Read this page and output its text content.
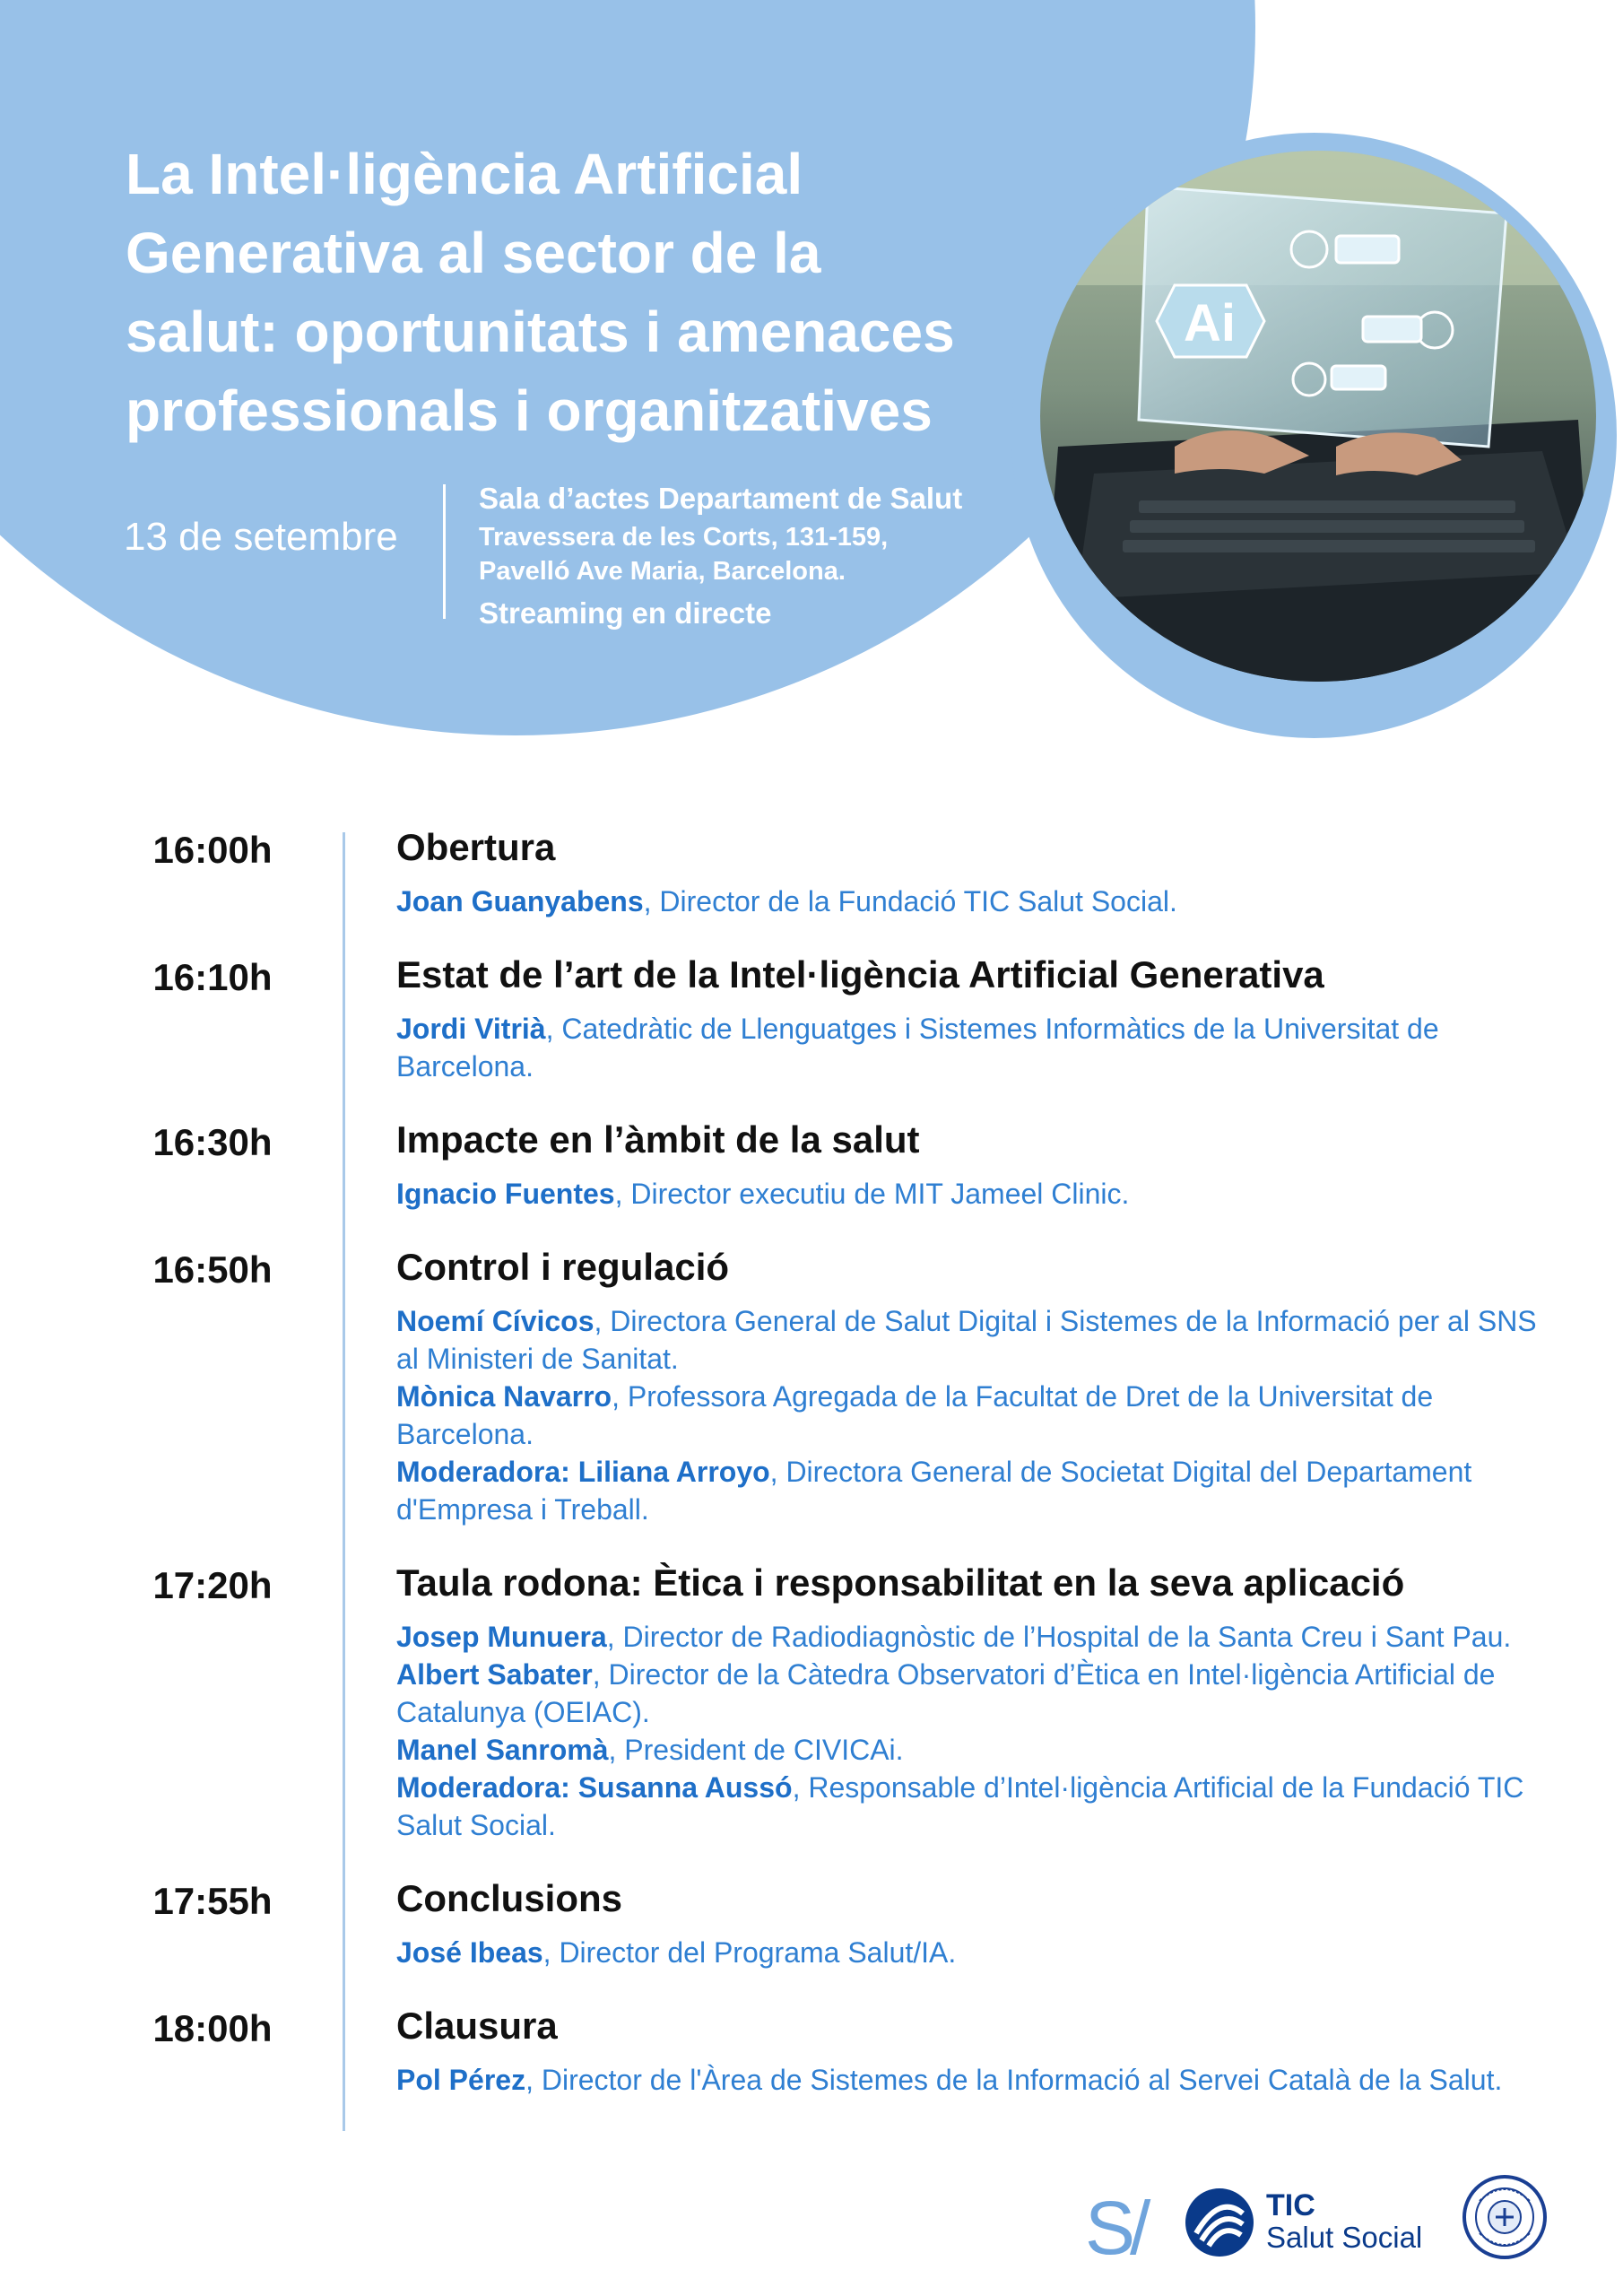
La Intel·ligència Artificial
Generativa al sector de la
salut: oportunitats i amenaces
professionals i organitzatives
13 de setembre
Sala d’actes Departament de Salut
Travessera de les Corts, 131-159,
Pavelló Ave Maria, Barcelona.
Streaming en directe
Ai
16:00h	Obertura
Joan Guanyabens, Director de la Fundació TIC Salut Social.
16:10h	Estat de l’art de la Intel·ligència Artificial Generativa
Jordi Vitrià, Catedràtic de Llenguatges i Sistemes Informàtics de la Universitat de Barcelona.
16:30h	Impacte en l’àmbit de la salut
Ignacio Fuentes, Director executiu de MIT Jameel Clinic.
16:50h	Control i regulació
Noemí Cívicos, Directora General de Salut Digital i Sistemes de la Informació per al SNS al Ministeri de Sanitat.
Mònica Navarro, Professora Agregada de la Facultat de Dret de la Universitat de Barcelona.
Moderadora: Liliana Arroyo, Directora General de Societat Digital del Departament d'Empresa i Treball.
17:20h	Taula rodona: Ètica i responsabilitat en la seva aplicació
Josep Munuera, Director de Radiodiagnòstic de l’Hospital de la Santa Creu i Sant Pau.
Albert Sabater, Director de la Càtedra Observatori d’Ètica en Intel·ligència Artificial de Catalunya (OEIAC).
Manel Sanromà, President de CIVICAi.
Moderadora: Susanna Aussó, Responsable d’Intel·ligència Artificial de la Fundació TIC Salut Social.
17:55h	Conclusions
José Ibeas, Director del Programa Salut/IA.
18:00h	Clausura
Pol Pérez, Director de l'Àrea de Sistemes de la Informació al Servei Català de la Salut.
S/	TIC
Salut Social
